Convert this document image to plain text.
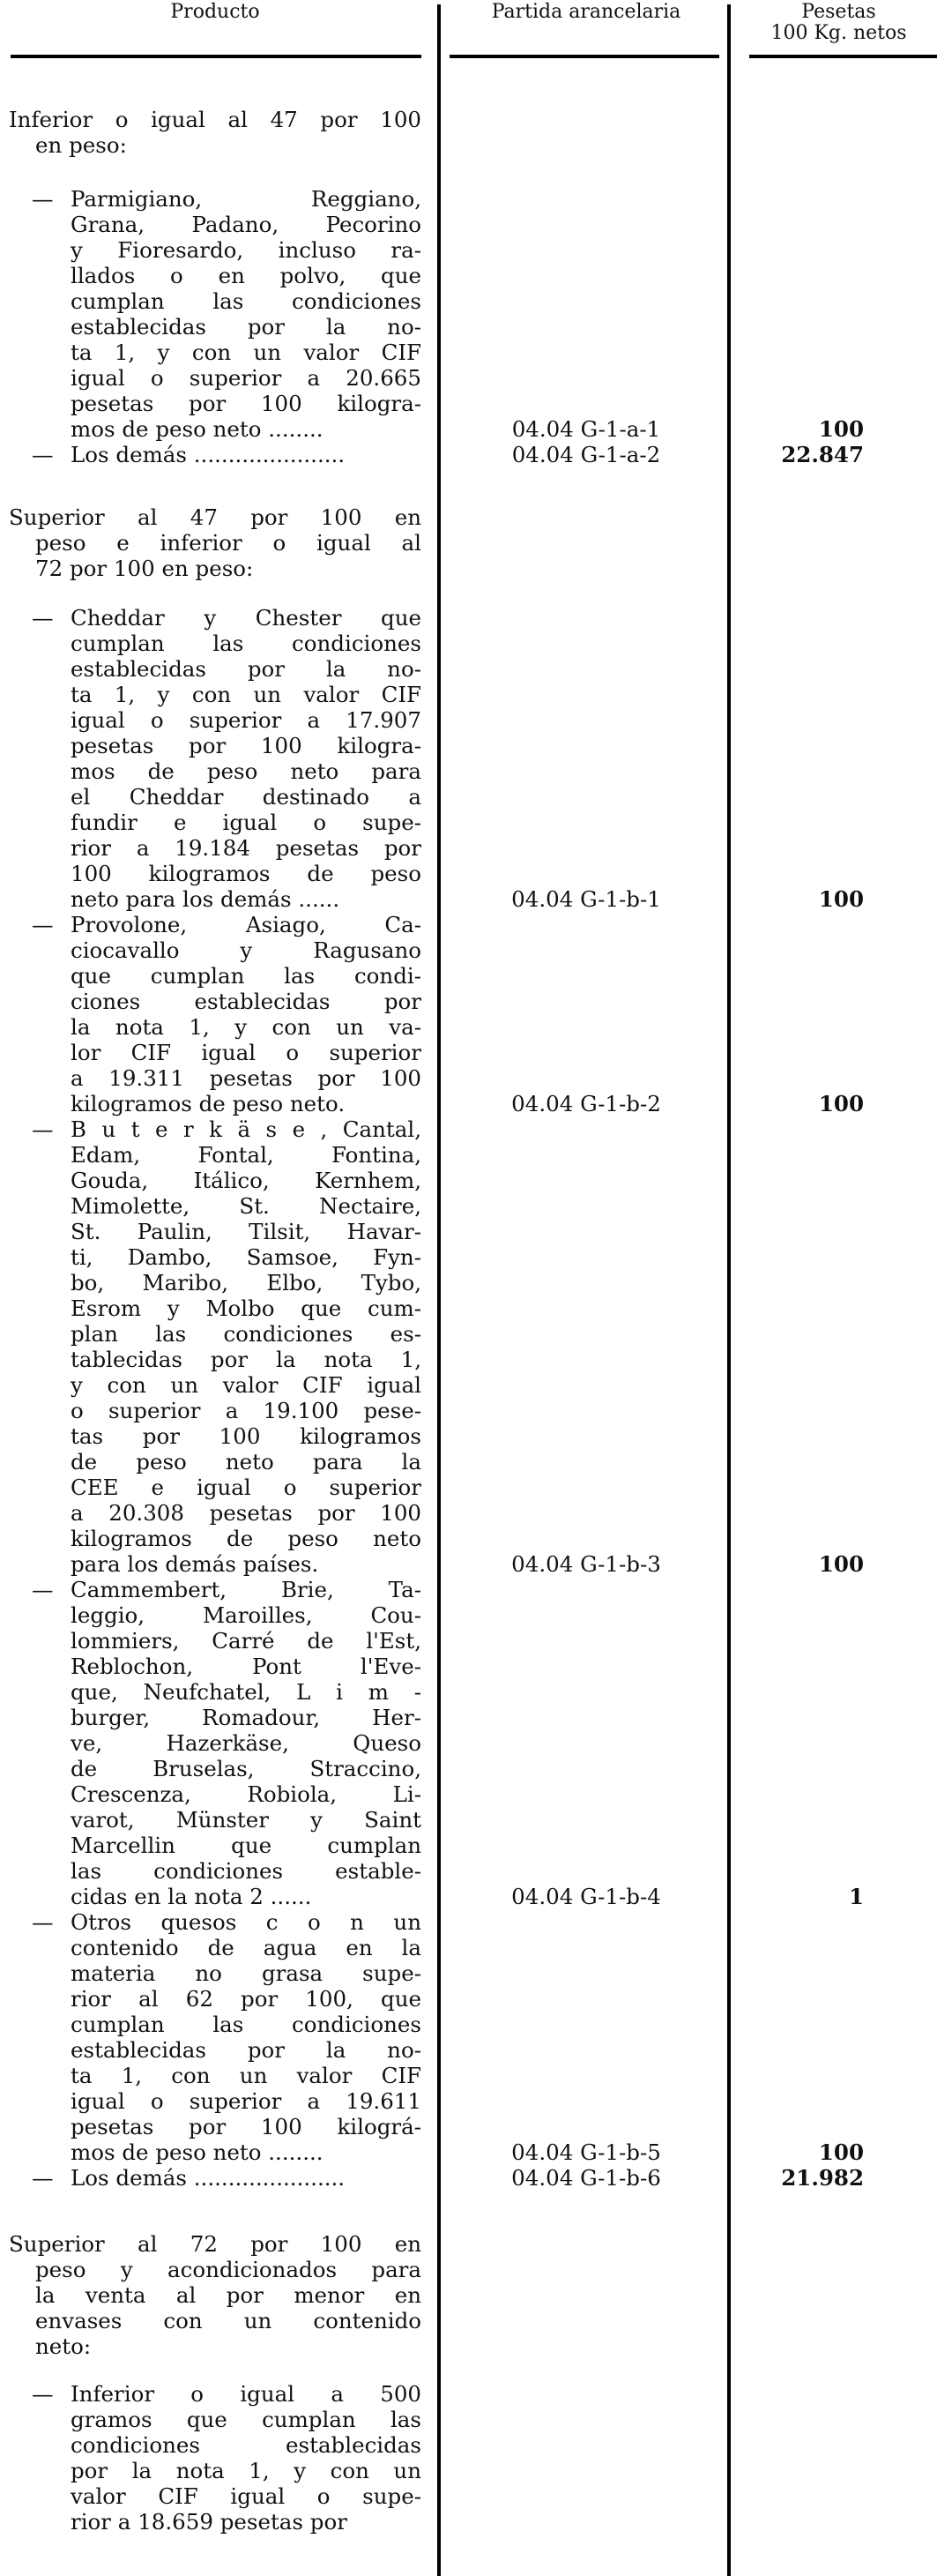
Producto	Partida arancelaria	Pesetas
100 Kg. netos
Inferior o igual al 47 por 100
en peso:
— Parmigiano, Reggiano,
Grana, Padano, Pecorino
y Fioresardo, incluso ra-
llados o en polvo, que
cumplan las condiciones
establecidas por la no-
ta 1, y con un valor CIF
igual o superior a 20.665
pesetas por 100 kilogra-
mos de peso neto ........	04.04 G-1-a-1	100
— Los demás ......................	04.04 G-1-a-2	22.847
Superior al 47 por 100 en
peso e inferior o igual al
72 por 100 en peso:
— Cheddar y Chester que
cumplan las condiciones
establecidas por la no-
ta 1, y con un valor CIF
igual o superior a 17.907
pesetas por 100 kilogra-
mos de peso neto para
el Cheddar destinado a
fundir e igual o supe-
rior a 19.184 pesetas por
100 kilogramos de peso
neto para los demás ......	04.04 G-1-b-1	100
— Provolone, Asiago, Ca-
ciocavallo y Ragusano
que cumplan las condi-
ciones establecidas por
la nota 1, y con un va-
lor CIF igual o superior
a 19.311 pesetas por 100
kilogramos de peso neto.	04.04 G-1-b-2	100
— B u t e r k ä s e , Cantal,
Edam, Fontal, Fontina,
Gouda, Itálico, Kernhem,
Mimolette, St. Nectaire,
St. Paulin, Tilsit, Havar-
ti, Dambo, Samsoe, Fyn-
bo, Maribo, Elbo, Tybo,
Esrom y Molbo que cum-
plan las condiciones es-
tablecidas por la nota 1,
y con un valor CIF igual
o superior a 19.100 pese-
tas por 100 kilogramos
de peso neto para la
CEE e igual o superior
a 20.308 pesetas por 100
kilogramos de peso neto
para los demás países.	04.04 G-1-b-3	100
— Cammembert, Brie, Ta-
leggio, Maroilles, Cou-
lommiers, Carré de l'Est,
Reblochon, Pont l'Eve-
que, Neufchatel, L i m -
burger, Romadour, Her-
ve, Hazerkäse, Queso
de Bruselas, Straccino,
Crescenza, Robiola, Li-
varot, Münster y Saint
Marcellin que cumplan
las condiciones estable-
cidas en la nota 2 ......	04.04 G-1-b-4	1
— Otros quesos c o n un
contenido de agua en la
materia no grasa supe-
rior al 62 por 100, que
cumplan las condiciones
establecidas por la no-
ta 1, con un valor CIF
igual o superior a 19.611
pesetas por 100 kilográ-
mos de peso neto ........	04.04 G-1-b-5	100
— Los demás ......................	04.04 G-1-b-6	21.982
Superior al 72 por 100 en
peso y acondicionados para
la venta al por menor en
envases con un contenido
neto:
— Inferior o igual a 500
gramos que cumplan las
condiciones establecidas
por la nota 1, y con un
valor CIF igual o supe-
rior a 18.659 pesetas por
